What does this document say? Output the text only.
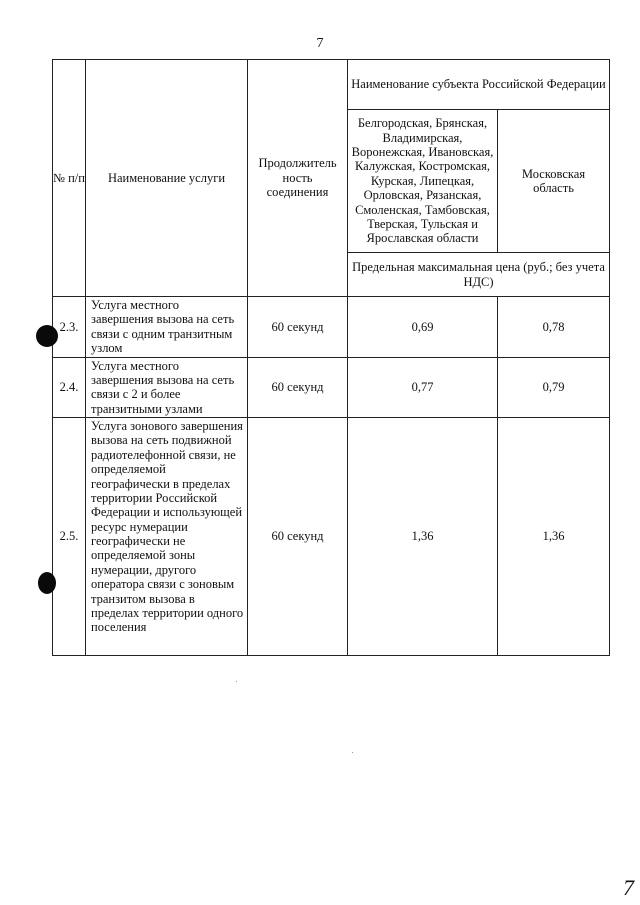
7
№ п/п	Наименование услуги	Продолжитель ность соединения	Наименование субъекта Российской Федерации	
			Белгородская, Брянская, Владимирская, Воронежская, Ивановская, Калужская, Костромская, Курская, Липецкая, Орловская, Рязанская, Смоленская, Тамбовская, Тверская, Тульская и Ярославская области	Московская область
			Предельная максимальная цена (руб.; без учета НДС)	
2.3.	Услуга местного завершения вызова на сеть связи с одним транзитным узлом	60 секунд	0,69	0,78
2.4.	Услуга местного завершения вызова на сеть связи с 2 и более транзитными узлами	60 секунд	0,77	0,79
2.5.	Услуга зонового завершения вызова на сеть подвижной радиотелефонной связи, не определяемой географически в пределах территории Российской Федерации и использующей ресурс нумерации географически не определяемой зоны нумерации, другого оператора связи с зоновым транзитом вызова в пределах территории одного поселения	60 секунд	1,36	1,36
7
